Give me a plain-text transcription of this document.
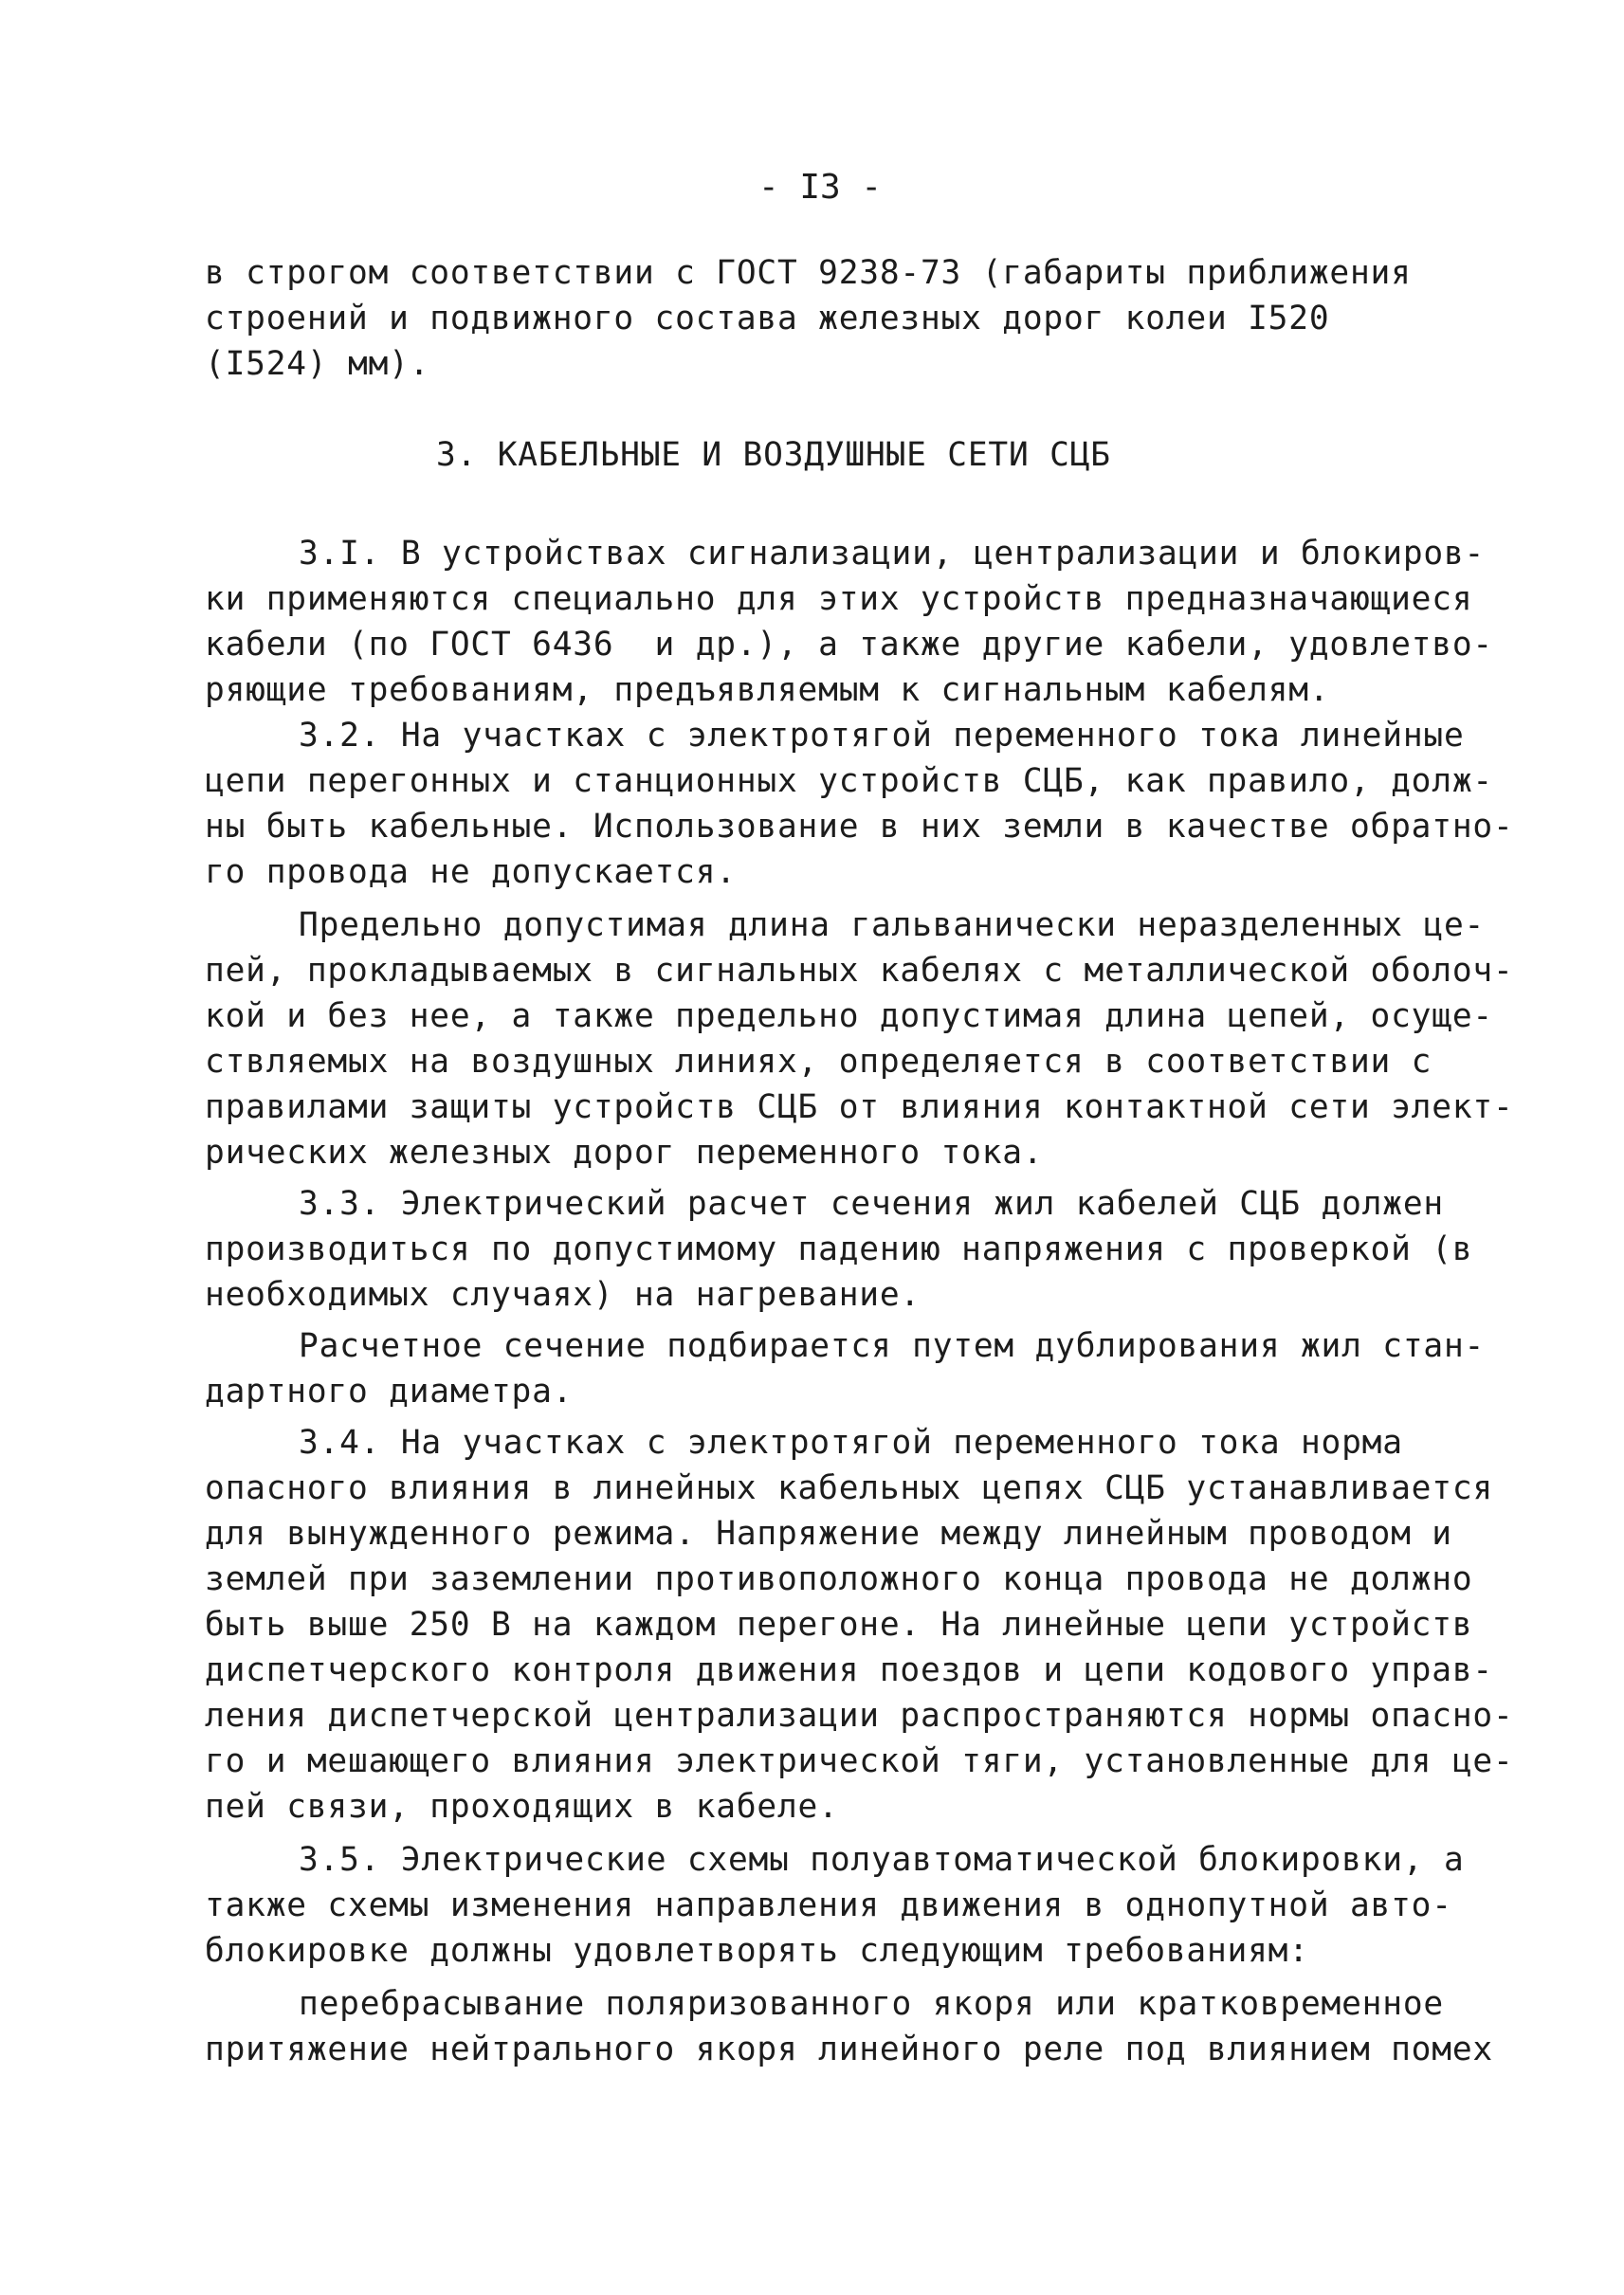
- I3 -
в строгом соответствии с ГОСТ 9238-73 (габариты приближения
строений и подвижного состава железных дорог колеи I520
(I524) мм).
3. КАБЕЛЬНЫЕ И ВОЗДУШНЫЕ СЕТИ СЦБ
3.I. В устройствах сигнализации, централизации и блокиров-
ки применяются специально для этих устройств предназначающиеся
кабели (по ГОСТ 6436  и др.), а также другие кабели, удовлетво-
ряющие требованиям, предъявляемым к сигнальным кабелям.
3.2. На участках с электротягой переменного тока линейные
цепи перегонных и станционных устройств СЦБ, как правило, долж-
ны быть кабельные. Использование в них земли в качестве обратно-
го провода не допускается.
Предельно допустимая длина гальванически неразделенных це-
пей, прокладываемых в сигнальных кабелях с металлической оболоч-
кой и без нее, а также предельно допустимая длина цепей, осуще-
ствляемых на воздушных линиях, определяется в соответствии с
правилами защиты устройств СЦБ от влияния контактной сети элект-
рических железных дорог переменного тока.
3.3. Электрический расчет сечения жил кабелей СЦБ должен
производиться по допустимому падению напряжения с проверкой (в
необходимых случаях) на нагревание.
Расчетное сечение подбирается путем дублирования жил стан-
дартного диаметра.
3.4. На участках с электротягой переменного тока норма
опасного влияния в линейных кабельных цепях СЦБ устанавливается
для вынужденного режима. Напряжение между линейным проводом и
землей при заземлении противоположного конца провода не должно
быть выше 250 В на каждом перегоне. На линейные цепи устройств
диспетчерского контроля движения поездов и цепи кодового управ-
ления диспетчерской централизации распространяются нормы опасно-
го и мешающего влияния электрической тяги, установленные для це-
пей связи, проходящих в кабеле.
3.5. Электрические схемы полуавтоматической блокировки, а
также схемы изменения направления движения в однопутной авто-
блокировке должны удовлетворять следующим требованиям:
перебрасывание поляризованного якоря или кратковременное
притяжение нейтрального якоря линейного реле под влиянием помех
